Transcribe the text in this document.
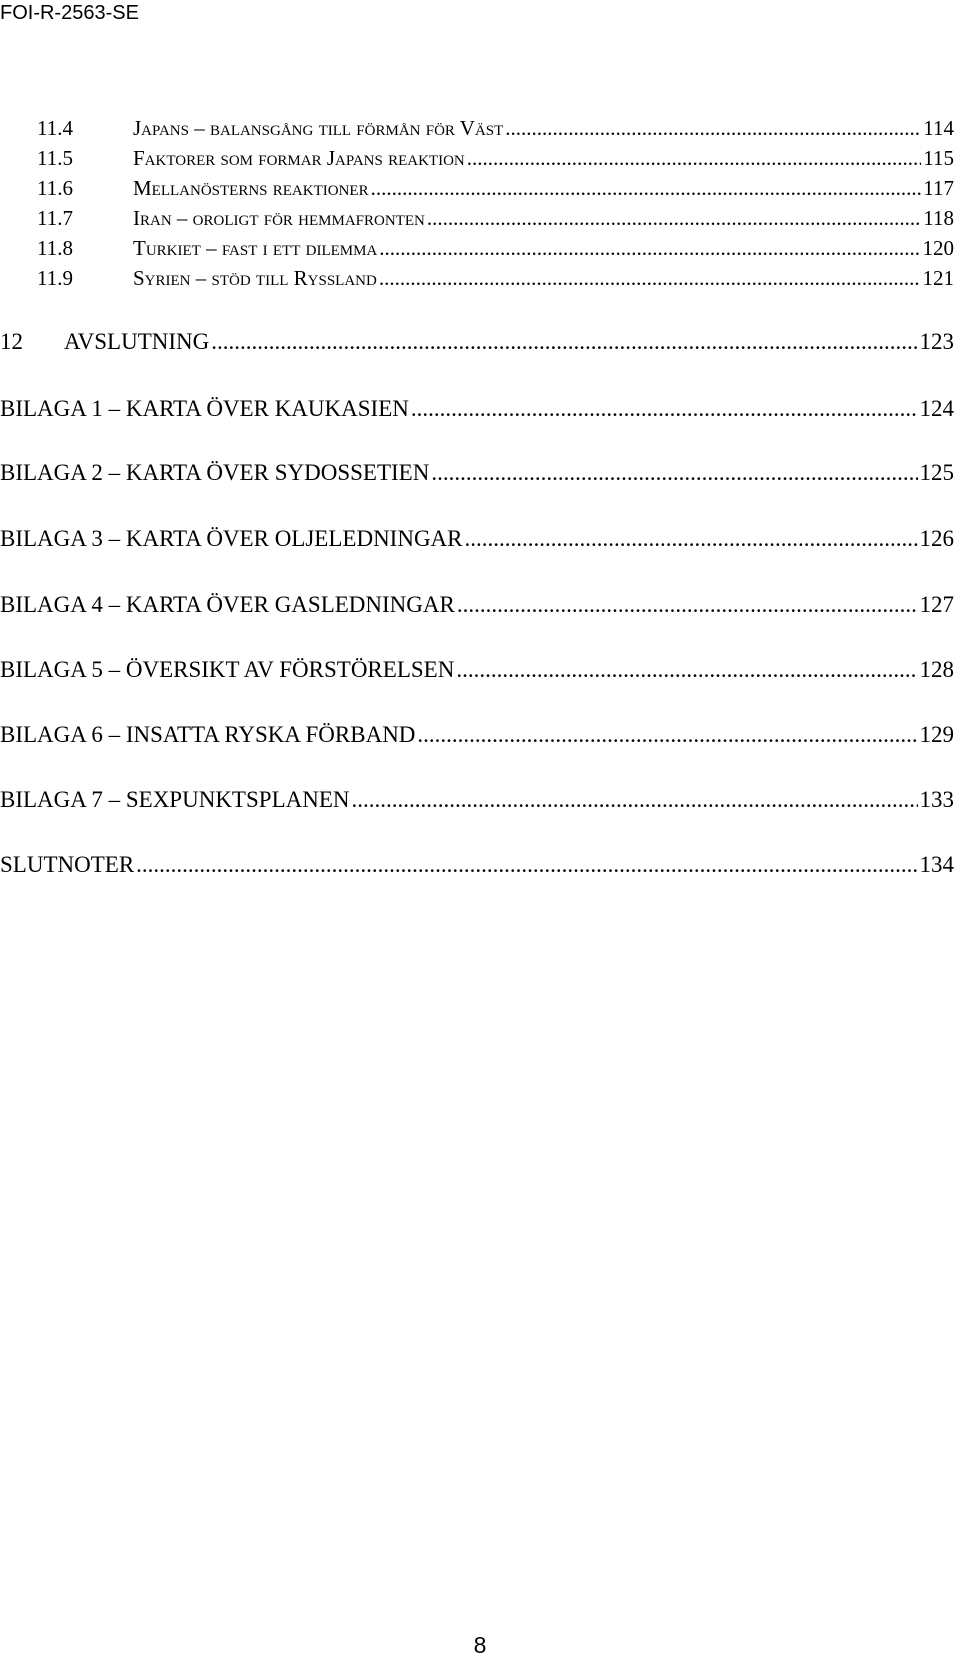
FOI-R-2563-SE
11.4	Japans – balansgång till förmån för Väst .....	114
11.5	Faktorer som formar Japans reaktion .....	115
11.6	Mellanösterns reaktioner .....	117
11.7	Iran – oroligt för hemmafronten .....	118
11.8	Turkiet – fast i ett dilemma .....	120
11.9	Syrien – stöd till Ryssland .....	121
12	AVSLUTNING .....	123
BILAGA 1 – KARTA ÖVER KAUKASIEN .....	124
BILAGA 2 – KARTA ÖVER SYDOSSETIEN .....	125
BILAGA 3 – KARTA ÖVER OLJELEDNINGAR .....	126
BILAGA 4 – KARTA ÖVER GASLEDNINGAR .....	127
BILAGA 5 – ÖVERSIKT AV FÖRSTÖRELSEN .....	128
BILAGA 6 – INSATTA RYSKA FÖRBAND .....	129
BILAGA 7 – SEXPUNKTSPLANEN .....	133
SLUTNOTER .....	134
8
